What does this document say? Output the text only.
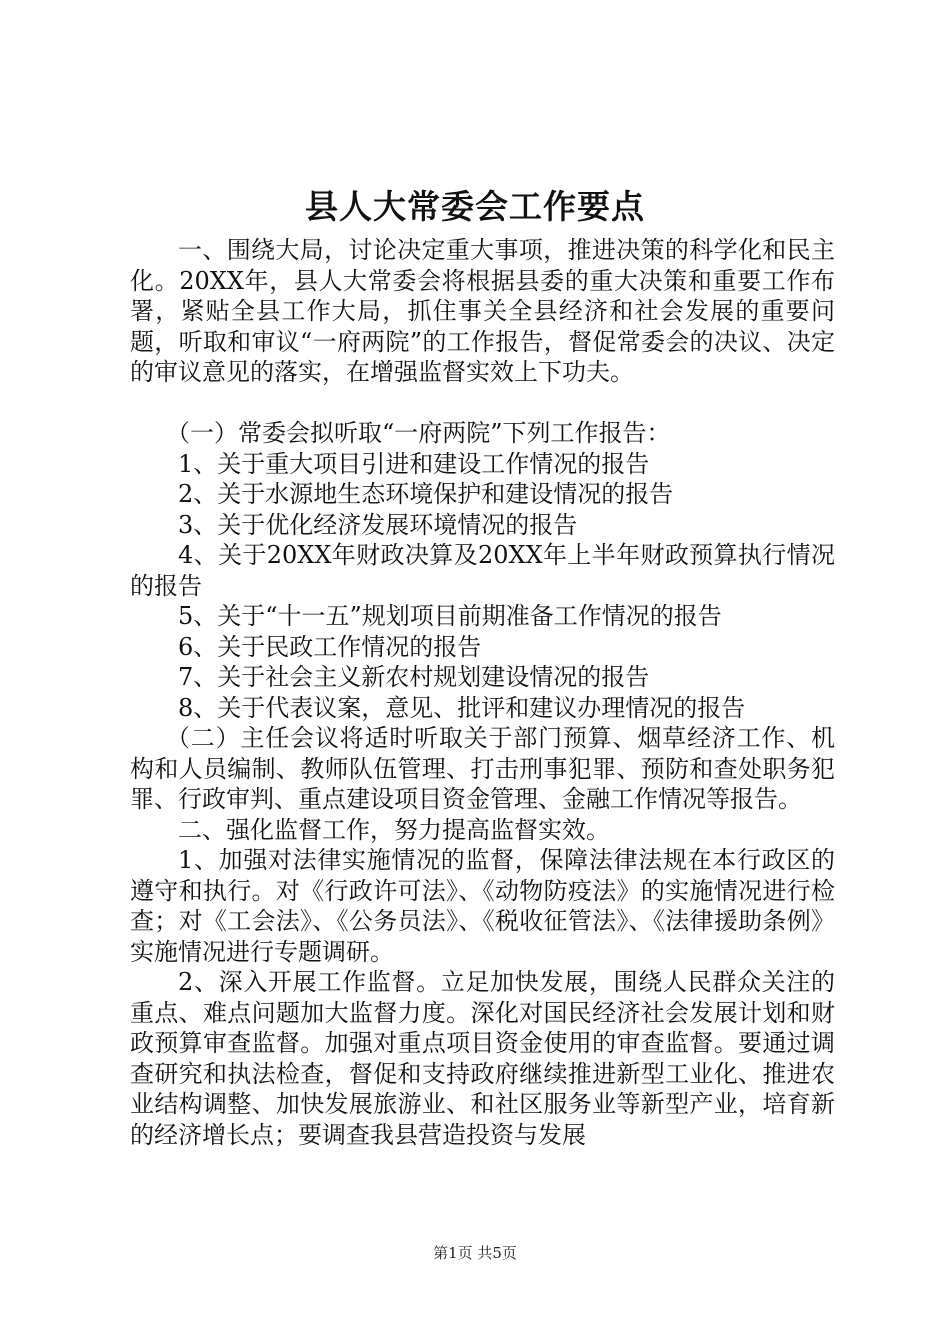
县人大常委会工作要点

一、围绕大局，讨论决定重大事项，推进决策的科学化和民主化。20XX年，县人大常委会将根据县委的重大决策和重要工作布署，紧贴全县工作大局，抓住事关全县经济和社会发展的重要问题，听取和审议“一府两院”的工作报告，督促常委会的决议、决定的审议意见的落实，在增强监督实效上下功夫。

（一）常委会拟听取“一府两院”下列工作报告：

1、关于重大项目引进和建设工作情况的报告

2、关于水源地生态环境保护和建设情况的报告

3、关于优化经济发展环境情况的报告

4、关于20XX年财政决算及20XX年上半年财政预算执行情况的报告

5、关于“十一五”规划项目前期准备工作情况的报告

6、关于民政工作情况的报告

7、关于社会主义新农村规划建设情况的报告

8、关于代表议案，意见、批评和建议办理情况的报告

（二）主任会议将适时听取关于部门预算、烟草经济工作、机构和人员编制、教师队伍管理、打击刑事犯罪、预防和查处职务犯罪、行政审判、重点建设项目资金管理、金融工作情况等报告。

二、强化监督工作，努力提高监督实效。

1、加强对法律实施情况的监督，保障法律法规在本行政区的遵守和执行。对《行政许可法》、《动物防疫法》的实施情况进行检查；对《工会法》、《公务员法》、《税收征管法》、《法律援助条例》实施情况进行专题调研。

2、深入开展工作监督。立足加快发展，围绕人民群众关注的重点、难点问题加大监督力度。深化对国民经济社会发展计划和财政预算审查监督。加强对重点项目资金使用的审查监督。要通过调查研究和执法检查，督促和支持政府继续推进新型工业化、推进农业结构调整、加快发展旅游业、和社区服务业等新型产业，培育新的经济增长点；要调查我县营造投资与发展

第1页 共5页
